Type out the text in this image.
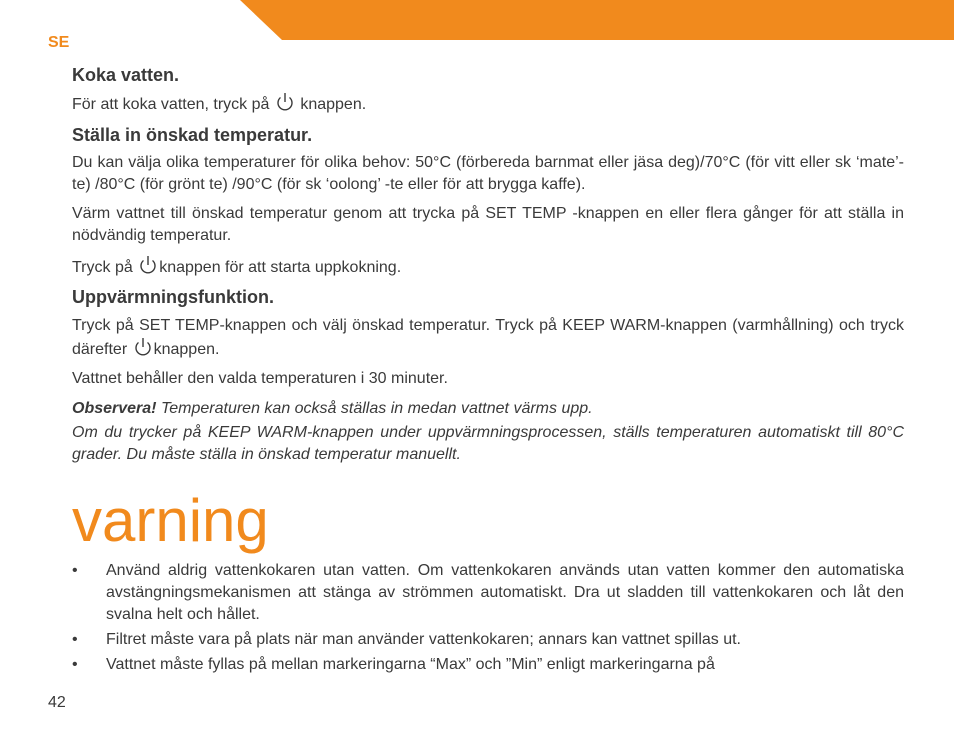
SE
Koka vatten.

För att koka vatten, tryck på  knappen.

Ställa in önskad temperatur.

Du kan välja olika temperaturer för olika behov: 50°C (förbereda barnmat eller jäsa deg)/70°C (för vitt eller sk ‘mate’-te) /80°C (för grönt te) /90°C (för sk ‘oolong’ -te eller för att brygga kaffe).

Värm vattnet till önskad temperatur genom att trycka på SET TEMP -knappen en eller flera gånger för att ställa in nödvändig temperatur.

Tryck på knappen för att starta uppkokning.

Uppvärmningsfunktion.

Tryck på SET TEMP-knappen och välj önskad temperatur. Tryck på KEEP WARM-knappen (varmhållning) och tryck därefter knappen.

Vattnet behåller den valda temperaturen i 30 minuter.

Observera! Temperaturen kan också ställas in medan vattnet värms upp.

Om du trycker på KEEP WARM-knappen under uppvärmningsprocessen, ställs temperaturen automatiskt till 80°C grader. Du måste ställa in önskad temperatur manuellt.

varning
• Använd aldrig vattenkokaren utan vatten. Om vattenkokaren används utan vatten kommer den automatiska avstängningsmekanismen att stänga av strömmen automatiskt. Dra ut sladden till vattenkokaren och låt den svalna helt och hållet.
• Filtret måste vara på plats när man använder vattenkokaren; annars kan vattnet spillas ut.
• Vattnet måste fyllas på mellan markeringarna “Max” och ”Min” enligt markeringarna på
42
